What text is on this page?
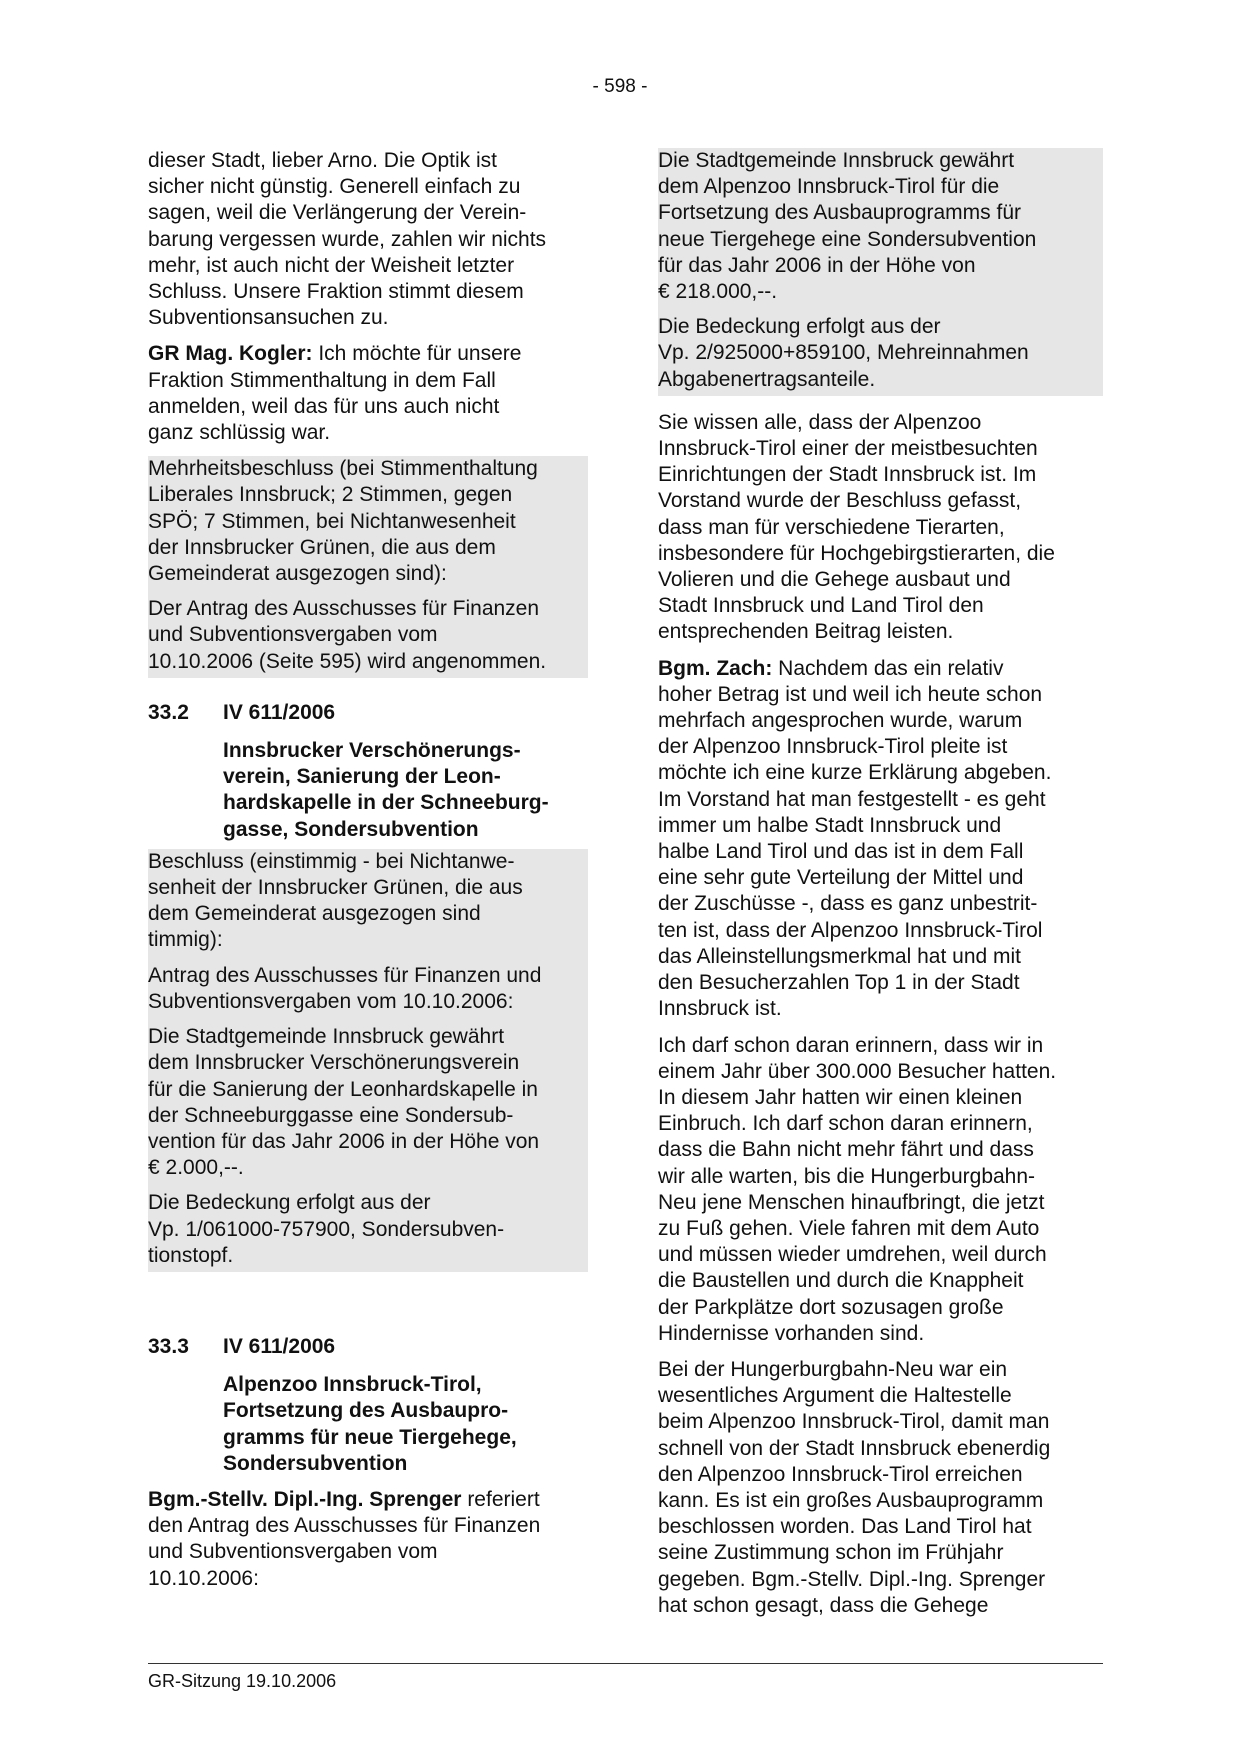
- 598 -

dieser Stadt, lieber Arno. Die Optik ist
sicher nicht günstig. Generell einfach zu
sagen, weil die Verlängerung der Verein-
barung vergessen wurde, zahlen wir nichts
mehr, ist auch nicht der Weisheit letzter
Schluss. Unsere Fraktion stimmt diesem
Subventionsansuchen zu.

GR Mag. Kogler: Ich möchte für unsere
Fraktion Stimmenthaltung in dem Fall
anmelden, weil das für uns auch nicht
ganz schlüssig war.

Mehrheitsbeschluss (bei Stimmenthaltung
Liberales Innsbruck; 2 Stimmen, gegen
SPÖ; 7 Stimmen, bei Nichtanwesenheit
der Innsbrucker Grünen, die aus dem
Gemeinderat ausgezogen sind):

Der Antrag des Ausschusses für Finanzen
und Subventionsvergaben vom
10.10.2006 (Seite 595) wird angenommen.

33.2 IV 611/2006

Innsbrucker Verschönerungs-
verein, Sanierung der Leon-
hardskapelle in der Schneeburg-
gasse, Sondersubvention

Beschluss (einstimmig - bei Nichtanwe-
senheit der Innsbrucker Grünen, die aus
dem Gemeinderat ausgezogen sind
timmig):

Antrag des Ausschusses für Finanzen und
Subventionsvergaben vom 10.10.2006:

Die Stadtgemeinde Innsbruck gewährt
dem Innsbrucker Verschönerungsverein
für die Sanierung der Leonhardskapelle in
der Schneeburggasse eine Sondersub-
vention für das Jahr 2006 in der Höhe von
€ 2.000,--.

Die Bedeckung erfolgt aus der
Vp. 1/061000-757900, Sondersubven-
tionstopf.

33.3 IV 611/2006

Alpenzoo Innsbruck-Tirol,
Fortsetzung des Ausbaupro-
gramms für neue Tiergehege,
Sondersubvention

Bgm.-Stellv. Dipl.-Ing. Sprenger referiert
den Antrag des Ausschusses für Finanzen
und Subventionsvergaben vom
10.10.2006:

Die Stadtgemeinde Innsbruck gewährt
dem Alpenzoo Innsbruck-Tirol für die
Fortsetzung des Ausbauprogramms für
neue Tiergehege eine Sondersubvention
für das Jahr 2006 in der Höhe von
€ 218.000,--.

Die Bedeckung erfolgt aus der
Vp. 2/925000+859100, Mehreinnahmen
Abgabenertragsanteile.

Sie wissen alle, dass der Alpenzoo
Innsbruck-Tirol einer der meistbesuchten
Einrichtungen der Stadt Innsbruck ist. Im
Vorstand wurde der Beschluss gefasst,
dass man für verschiedene Tierarten,
insbesondere für Hochgebirgstierarten, die
Volieren und die Gehege ausbaut und
Stadt Innsbruck und Land Tirol den
entsprechenden Beitrag leisten.

Bgm. Zach: Nachdem das ein relativ
hoher Betrag ist und weil ich heute schon
mehrfach angesprochen wurde, warum
der Alpenzoo Innsbruck-Tirol pleite ist
möchte ich eine kurze Erklärung abgeben.
Im Vorstand hat man festgestellt - es geht
immer um halbe Stadt Innsbruck und
halbe Land Tirol und das ist in dem Fall
eine sehr gute Verteilung der Mittel und
der Zuschüsse -, dass es ganz unbestrit-
ten ist, dass der Alpenzoo Innsbruck-Tirol
das Alleinstellungsmerkmal hat und mit
den Besucherzahlen Top 1 in der Stadt
Innsbruck ist.

Ich darf schon daran erinnern, dass wir in
einem Jahr über 300.000 Besucher hatten.
In diesem Jahr hatten wir einen kleinen
Einbruch. Ich darf schon daran erinnern,
dass die Bahn nicht mehr fährt und dass
wir alle warten, bis die Hungerburgbahn-
Neu jene Menschen hinaufbringt, die jetzt
zu Fuß gehen. Viele fahren mit dem Auto
und müssen wieder umdrehen, weil durch
die Baustellen und durch die Knappheit
der Parkplätze dort sozusagen große
Hindernisse vorhanden sind.

Bei der Hungerburgbahn-Neu war ein
wesentliches Argument die Haltestelle
beim Alpenzoo Innsbruck-Tirol, damit man
schnell von der Stadt Innsbruck ebenerdig
den Alpenzoo Innsbruck-Tirol erreichen
kann. Es ist ein großes Ausbauprogramm
beschlossen worden. Das Land Tirol hat
seine Zustimmung schon im Frühjahr
gegeben. Bgm.-Stellv. Dipl.-Ing. Sprenger
hat schon gesagt, dass die Gehege

GR-Sitzung 19.10.2006
